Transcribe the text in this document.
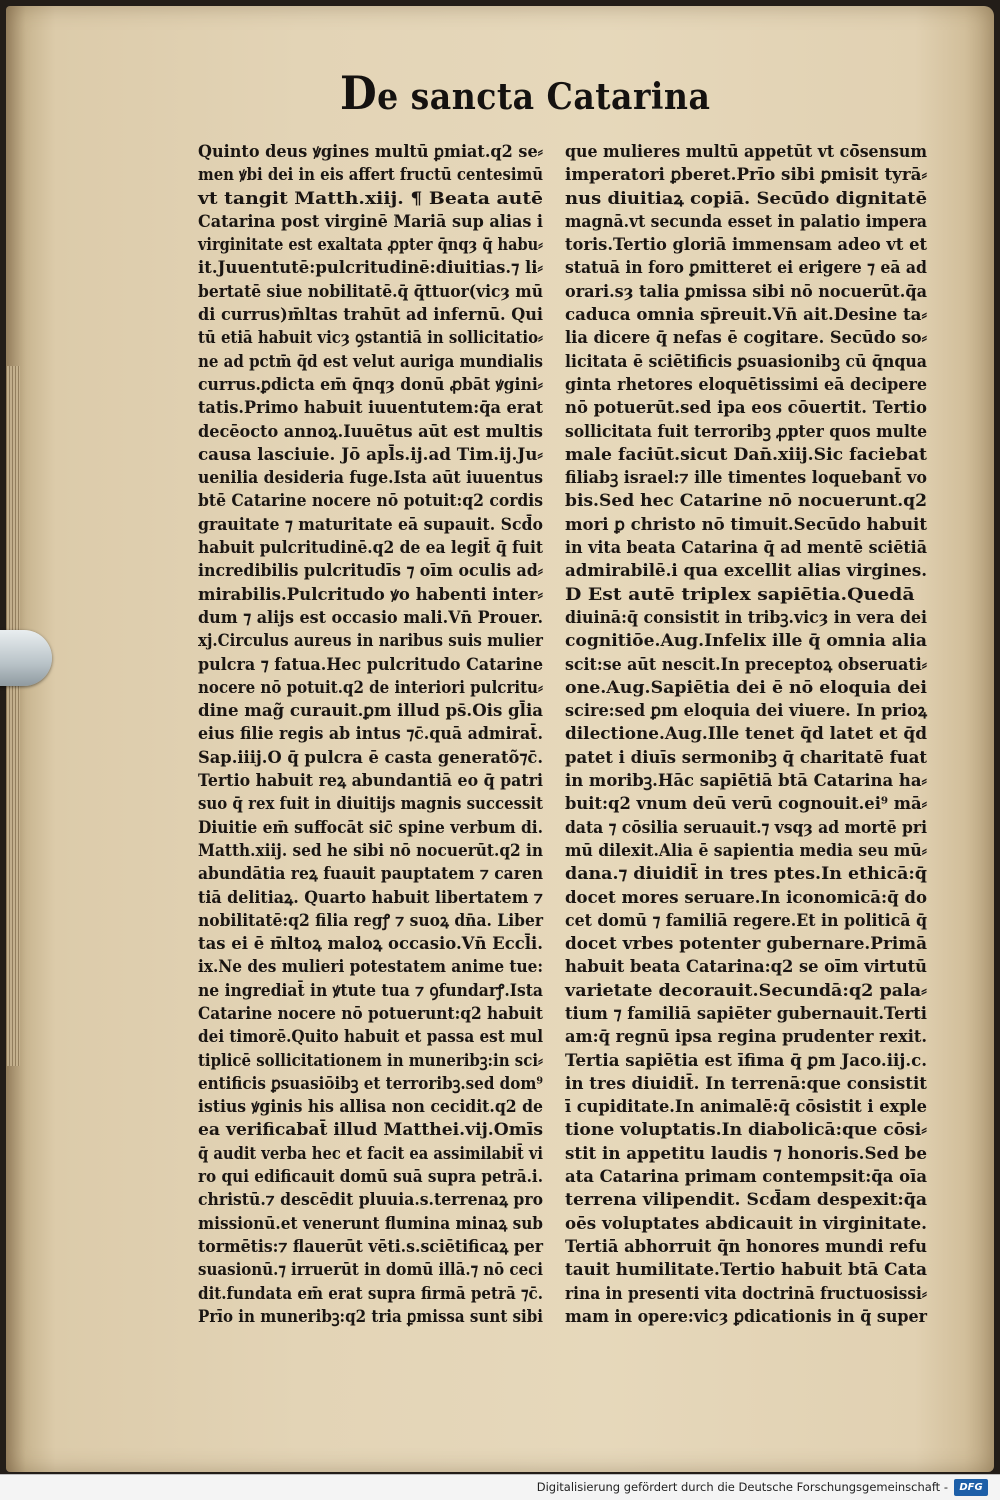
De sancta Catarina
Quinto deus ꝟgines multū ꝑmiat.q2 se⸗
men ꝟbi dei in eis affert fructū centesimū
vt tangit Matth.xiij. ¶ Beata autē
Catarina post virginē Mariā sup alias i
virginitate est exaltata ꝓpter q̄nqȝ q̄ habu⸗
it.Juuentutē:pulcritudinē:diuitias.⁊ li⸗
bertatē siue nobilitatē.q̄ q̄ttuor(vicȝ mū
di currus)m̄ltas trahūt ad infernū. Qui
tū etiā habuit vicȝ ꝯstantiā in sollicitatio⸗
ne ad pctm̄ q̄d est velut auriga mundialis
currus.ꝑdicta em̄ q̄nqȝ donū ꝓbāt ꝟgini⸗
tatis.Primo habuit iuuentutem:q̄a erat
decēocto annoꝝ.Iuuētus aūt est multis
causa lasciuie. Jō apl̄s.ij.ad Tim.ij.Ju⸗
uenilia desideria fuge.Ista aūt iuuentus
btē Catarine nocere nō potuit:q2 cordis
grauitate ⁊ maturitate eā supauit. Scd̄o
habuit pulcritudinē.q2 de ea legit̄ q̄ fuit
incredibilis pulcritudīs ⁊ oīm oculis ad⸗
mirabilis.Pulcritudo ꝟo habenti inter⸗
dum ⁊ alijs est occasio mali.Vn̄ Prouer.
xj.Circulus aureus in naribus suis mulier
pulcra ⁊ fatua.Hec pulcritudo Catarine
nocere nō potuit.q2 de interiori pulcritu⸗
dine mag̃ curauit.ꝑm illud ps̄.Ois gl̄ia
eius filie regis ab intus ⁊c̄.quā admirat̄.
Sap.iiij.O q̄ pulcra ē casta generatõ⁊c̄.
Tertio habuit reꝝ abundantiā eo q̄ patri
suo q̄ rex fuit in diuitijs magnis successit
Diuitie em̄ suffocāt sic̄ spine verbum di.
Matth.xiij. sed he sibi nō nocuerūt.q2 in
abundātia reꝝ fuauit pauptatem ⁊ caren
tiā delitiaꝝ. Quarto habuit libertatem ⁊
nobilitatē:q2 filia regꝭ ⁊ suoꝝ dn̄a. Liber
tas ei ē m̄ltoꝝ maloꝝ occasio.Vn̄ Eccl̄i.
ix.Ne des mulieri potestatem anime tue:
ne ingrediat̄ in ꝟtute tua ⁊ ꝯfundarꝭ.Ista
Catarine nocere nō potuerunt:q2 habuit
dei timorē.Quito habuit et passa est mul
tiplicē sollicitationem in muneribꝫ:in sci⸗
entificis ꝑsuasiōibꝫ et terroribꝫ.sed dom⁹
istius ꝟginis his allisa non cecidit.q2 de
ea verificabat̄ illud Matthei.vij.Omīs
q̄ audit verba hec et facit ea assimilabit̄ vi
ro qui edificauit domū suā supra petrā.i.
christū.⁊ descēdit pluuia.s.terrenaꝝ pro
missionū.et venerunt flumina minaꝝ sub
tormētis:⁊ flauerūt vēti.s.sciētificaꝝ per
suasionū.⁊ irruerūt in domū illā.⁊ nō ceci
dit.fundata em̄ erat supra firmā petrā ⁊c̄.
Prīo in muneribꝫ:q2 tria ꝑmissa sunt sibi
que mulieres multū appetūt vt cō̄sensum
imperatori ꝑberet.Prīo sibi ꝑmisit tyrā⸗
nus diuitiaꝝ copiā. Secūdo dignitatē
magnā.vt secunda esset in palatio impera
toris.Tertio gloriā immensam adeo vt et
statuā in foro ꝑmitteret ei erigere ⁊ eā ad
orari.sȝ talia ꝑmissa sibi nō nocuerūt.q̄a
caduca omnia sp̄reuit.Vn̄ ait.Desine ta⸗
lia dicere q̄ nefas ē cogitare. Secūdo so⸗
licitata ē sciētificis ꝑsuasionibꝫ cū q̄nqua
ginta rhetores eloquētissimi eā decipere
nō potuerūt.sed ipa eos cōuertit. Tertio
sollicitata fuit terroribꝫ ꝓpter quos multe
male faciūt.sicut Dan̄.xiij.Sic faciebat
filiabꝫ israel:⁊ ille timentes loquebant̄ vo
bis.Sed hec Catarine nō nocuerunt.q2
mori ꝑ christo nō timuit.Secūdo habuit
in vita beata Catarina q̄ ad mentē sciētiā
admirabilē.i qua excellit alias virgines.
D Est autē triplex sapiētia.Quedā
diuinā:q̄ consistit in tribꝫ.vicȝ in vera dei
cognitiōe.Aug.Infelix ille q̄ omnia alia
scit:se aūt nescit.In preceptoꝝ obseruati⸗
one.Aug.Sapiētia dei ē nō eloquia dei
scire:sed ꝑm eloquia dei viuere. In prioꝝ
dilectione.Aug.Ille tenet q̄d latet et q̄d
patet i diuīs sermonibꝫ q̄ charitatē fuat
in moribꝫ.Hāc sapiētiā btā Catarina ha⸗
buit:q2 vnum deū verū cognouit.ei⁹ mā⸗
data ⁊ cōsilia seruauit.⁊ vsqȝ ad mortē pri
mū dilexit.Alia ē sapientia media seu mū⸗
dana.⁊ diuidit̄ in tres ptes.In ethicā:q̄
docet mores seruare.In iconomicā:q̄ do
cet domū ⁊ familiā regere.Et in politicā q̄
docet vrbes potenter gubernare.Primā
habuit beata Catarina:q2 se oīm virtutū
varietate decorauit.Secundā:q2 pala⸗
tium ⁊ familiā sapiēter gubernauit.Terti
am:q̄ regnū ipsa regina prudenter rexit.
Tertia sapiētia est īfima q̄ ꝑm Jaco.iij.c.
in tres diuidit̄. In terrenā:que consistit
ī cupiditate.In animalē:q̄ cōsistit i exple
tione voluptatis.In diabolicā:que cōsi⸗
stit in appetitu laudis ⁊ honoris.Sed be
ata Catarina primam contempsit:q̄a oīa
terrena vilipendit. Scd̄am despexit:q̄a
oēs voluptates abdicauit in virginitate.
Tertiā abhorruit q̄n honores mundi refu
tauit humilitate.Tertio habuit btā Cata
rina in presenti vita doctrinā fructuosissi⸗
mam in opere:vicȝ ꝑdicationis in q̄ super
Digitalisierung gefördert durch die Deutsche Forschungsgemeinschaft -	DFG
